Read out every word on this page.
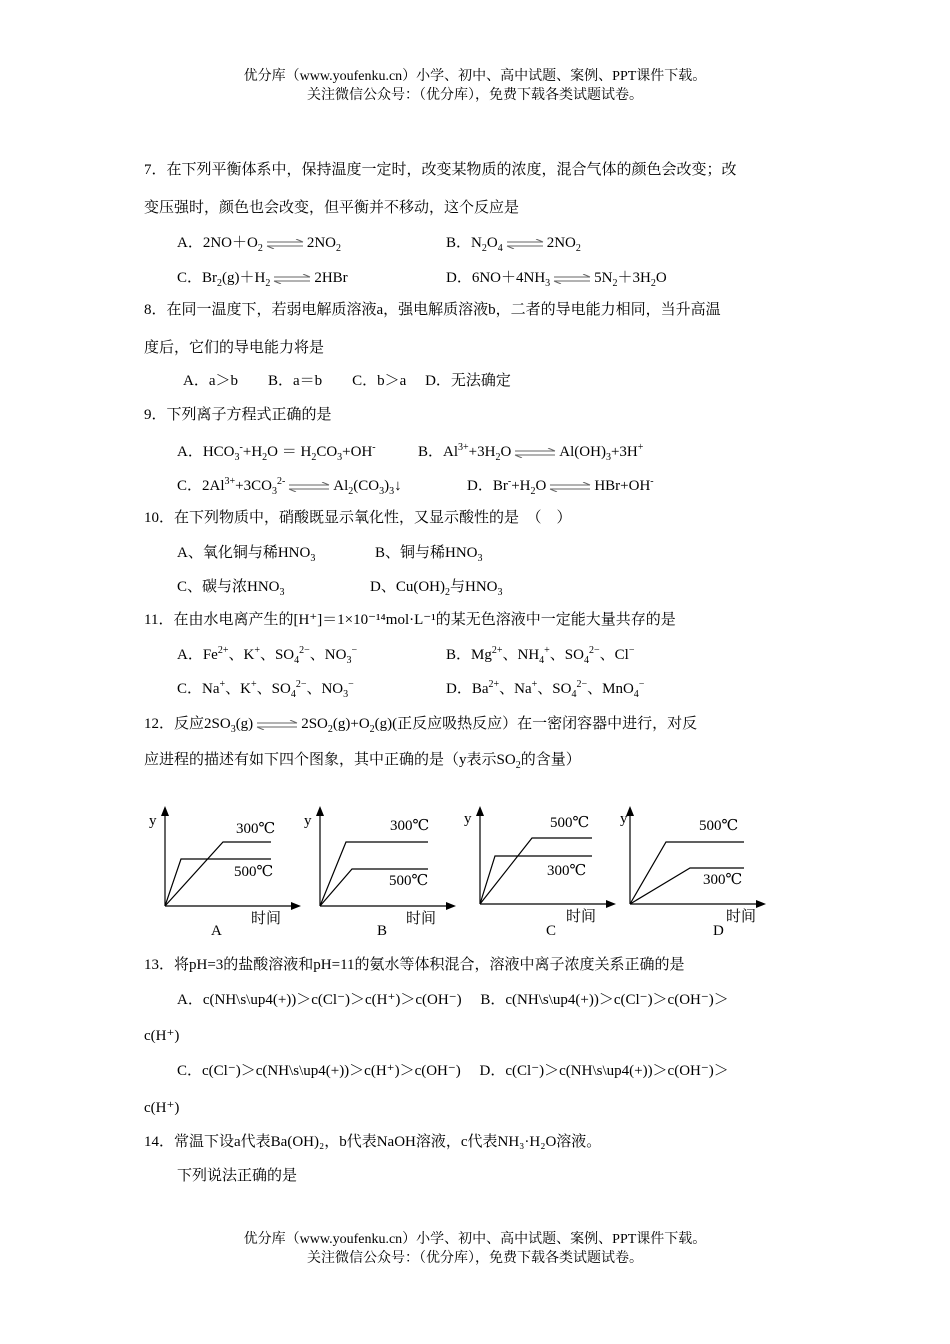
优分库（www.youfenku.cn）小学、初中、高中试题、案例、PPT课件下载。
关注微信公众号：（优分库），免费下载各类试题试卷。
7．在下列平衡体系中，保持温度一定时，改变某物质的浓度，混合气体的颜色会改变；改
变压强时，颜色也会改变，但平衡并不移动，这个反应是
A．$2NO+O_2$ ⇌ $2NO_2$	B．$N_2O_4$ ⇌ $2NO_2$
C．$Br_2(g)+H_2$ ⇌ 2HBr	D．$6NO+4NH_3$ ⇌ $5N_2+3H_2O$
8．在同一温度下，若弱电解质溶液a，强电解质溶液b，二者的导电能力相同，当升高温
度后，它们的导电能力将是
A．a＞b　　B．a＝b　　C．b＞a　 D．无法确定
9．下列离子方程式正确的是
A．$HCO_3^-+H_2O = H_2CO_3+OH^-$	B．$Al^{3+}+3H_2O$ ⇌ $Al(OH)_3+3H^+$
C．$2Al^{3+}+3CO_3^{2-}$ ⇌ $Al_2(CO_3)_3↓$	D．$Br^-+H_2O$ ⇌ HBr+OH-
10．在下列物质中，硝酸既显示氧化性，又显示酸性的是　（　）
A、氧化铜与稀$HNO_3$	B、铜与稀$HNO_3$
C、碳与浓$HNO_3$	D、$Cu(OH)_2$与$HNO_3$
11．在由水电离产生的[H⁺]＝1×10⁻¹⁴mol·L⁻¹的某无色溶液中一定能大量共存的是
A．$Fe^{2+}$、K+、$SO_4^{2-}$、$NO_3^-$	B．$Mg^{2+}$、$NH_4^+$、$SO_4^{2-}$、Cl−
C．Na+、K+、$SO_4^{2-}$、$NO_3^-$	D．$Ba^{2+}$、Na+、$SO_4^{2-}$、MnO$_4$−
12．反应$2SO_3(g)$ ⇌ $2SO_2(g)+O_2(g)$(正反应吸热反应）在一密闭容器中进行，对反
应进程的描述有如下四个图象，其中正确的是（y表示$SO_2$的含量）
y	300℃
500℃
时间
A
y	300℃
500℃
时间
B
y	500℃
300℃
时间
C
y	500℃
300℃
时间
D
13．将pH=3的盐酸溶液和pH=11的氨水等体积混合，溶液中离子浓度关系正确的是
A．c(NH\s\up4(+))＞c(Cl⁻)＞c(H⁺)＞c(OH⁻)　 B．c(NH\s\up4(+))＞c(Cl⁻)＞c(OH⁻)＞
c(H⁺)
C．c(Cl⁻)＞c(NH\s\up4(+))＞c(H⁺)＞c(OH⁻)　 D．c(Cl⁻)＞c(NH\s\up4(+))＞c(OH⁻)＞
c(H⁺)
14．常温下设a代表Ba(OH)₂，b代表NaOH溶液，c代表NH₃·H₂O溶液。
下列说法正确的是
优分库（www.youfenku.cn）小学、初中、高中试题、案例、PPT课件下载。
关注微信公众号：（优分库），免费下载各类试题试卷。
